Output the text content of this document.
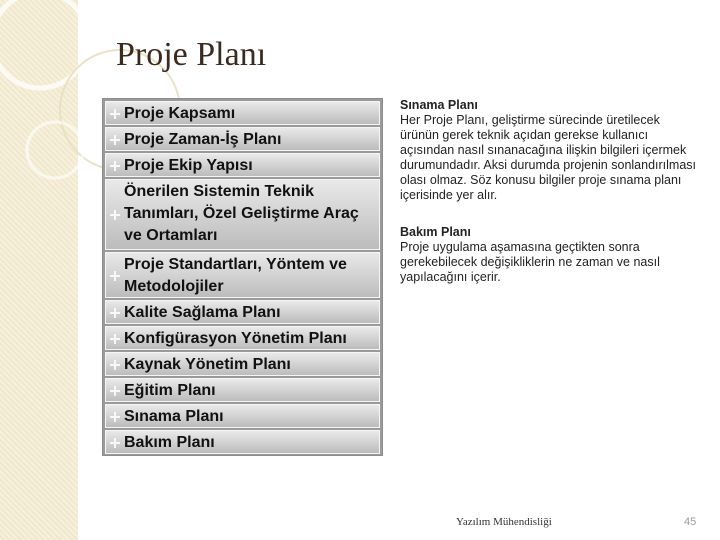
Proje Planı
Proje Kapsamı
Proje Zaman-İş Planı
Proje Ekip Yapısı
Önerilen Sistemin Teknik Tanımları, Özel Geliştirme Araç ve Ortamları
Proje Standartları, Yöntem ve Metodolojiler
Kalite Sağlama Planı
Konfigürasyon Yönetim Planı
Kaynak Yönetim Planı
Eğitim Planı
Sınama Planı
Bakım Planı
Sınama Planı
Her Proje Planı, geliştirme sürecinde üretilecek ürünün gerek teknik açıdan gerekse kullanıcı açısından nasıl sınanacağına ilişkin bilgileri içermek durumundadır. Aksi durumda projenin sonlandırılması olası olmaz. Söz konusu bilgiler proje sınama planı içerisinde yer alır.
Bakım Planı
Proje uygulama aşamasına geçtikten sonra gerekebilecek değişikliklerin ne zaman ve nasıl yapılacağını içerir.
Yazılım Mühendisliği	45
